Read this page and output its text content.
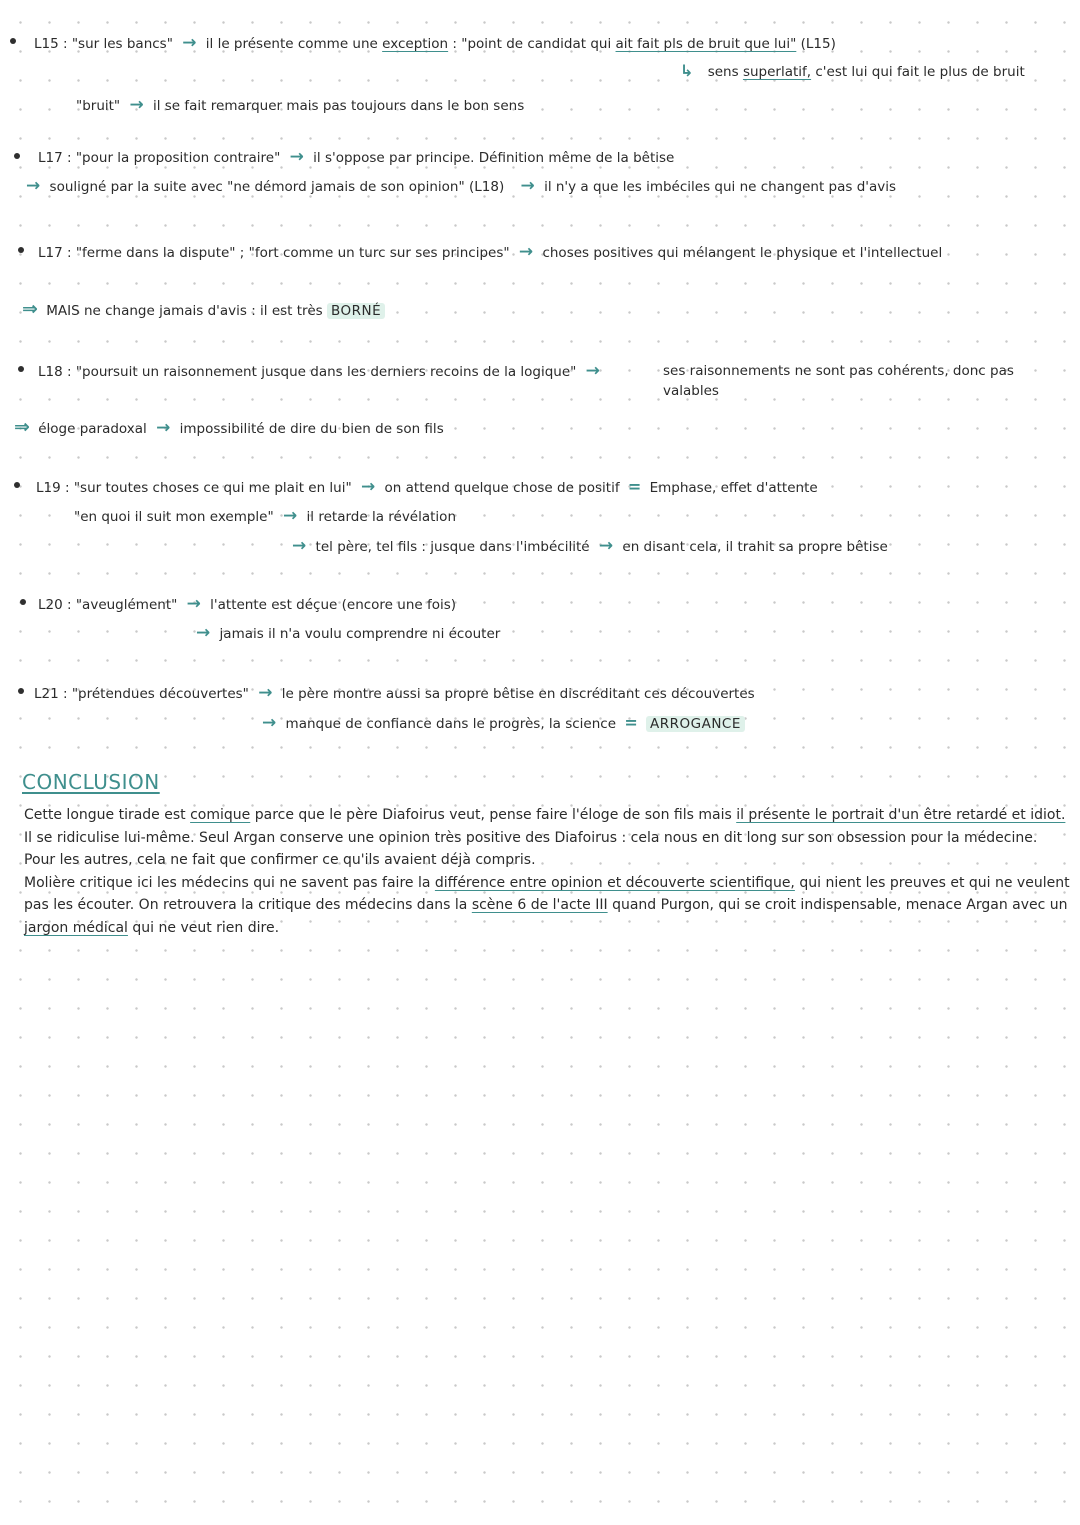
L15 : "sur les bancs" → il le présente comme une exception : "point de candidat qui ait fait pls de bruit que lui" (L15)
↳ sens superlatif, c'est lui qui fait le plus de bruit
"bruit" → il se fait remarquer mais pas toujours dans le bon sens
L17 : "pour la proposition contraire" → il s'oppose par principe. Définition même de la bêtise
→ souligné par la suite avec "ne démord jamais de son opinion" (L18) → il n'y a que les imbéciles qui ne changent pas d'avis
L17 : "ferme dans la dispute" ; "fort comme un turc sur ses principes" → choses positives qui mélangent le physique et l'intellectuel
⇒ MAIS ne change jamais d'avis : il est très BORNÉ
L18 : "poursuit un raisonnement jusque dans les derniers recoins de la logique" →	ses raisonnements ne sont pas cohérents, donc pas
valables
⇒ éloge paradoxal → impossibilité de dire du bien de son fils
L19 : "sur toutes choses ce qui me plait en lui" → on attend quelque chose de positif = Emphase, effet d'attente
"en quoi il suit mon exemple" → il retarde la révélation
→ tel père, tel fils : jusque dans l'imbécilité → en disant cela, il trahit sa propre bêtise
L20 : "aveuglément" → l'attente est déçue (encore une fois)
→ jamais il n'a voulu comprendre ni écouter
L21 : "prétendues découvertes" → le père montre aussi sa propre bêtise en discréditant ces découvertes
→ manque de confiance dans le progrès, la science = ARROGANCE
CONCLUSION

Cette longue tirade est comique parce que le père Diafoirus veut, pense faire l'éloge de son fils mais il présente le portrait d'un être retardé et idiot. Il se ridiculise lui-même. Seul Argan conserve une opinion très positive des Diafoirus : cela nous en dit long sur son obsession pour la médecine. Pour les autres, cela ne fait que confirmer ce qu'ils avaient déjà compris.

Molière critique ici les médecins qui ne savent pas faire la différence entre opinion et découverte scientifique, qui nient les preuves et qui ne veulent pas les écouter. On retrouvera la critique des médecins dans la scène 6 de l'acte III quand Purgon, qui se croit indispensable, menace Argan avec un jargon médical qui ne veut rien dire.
